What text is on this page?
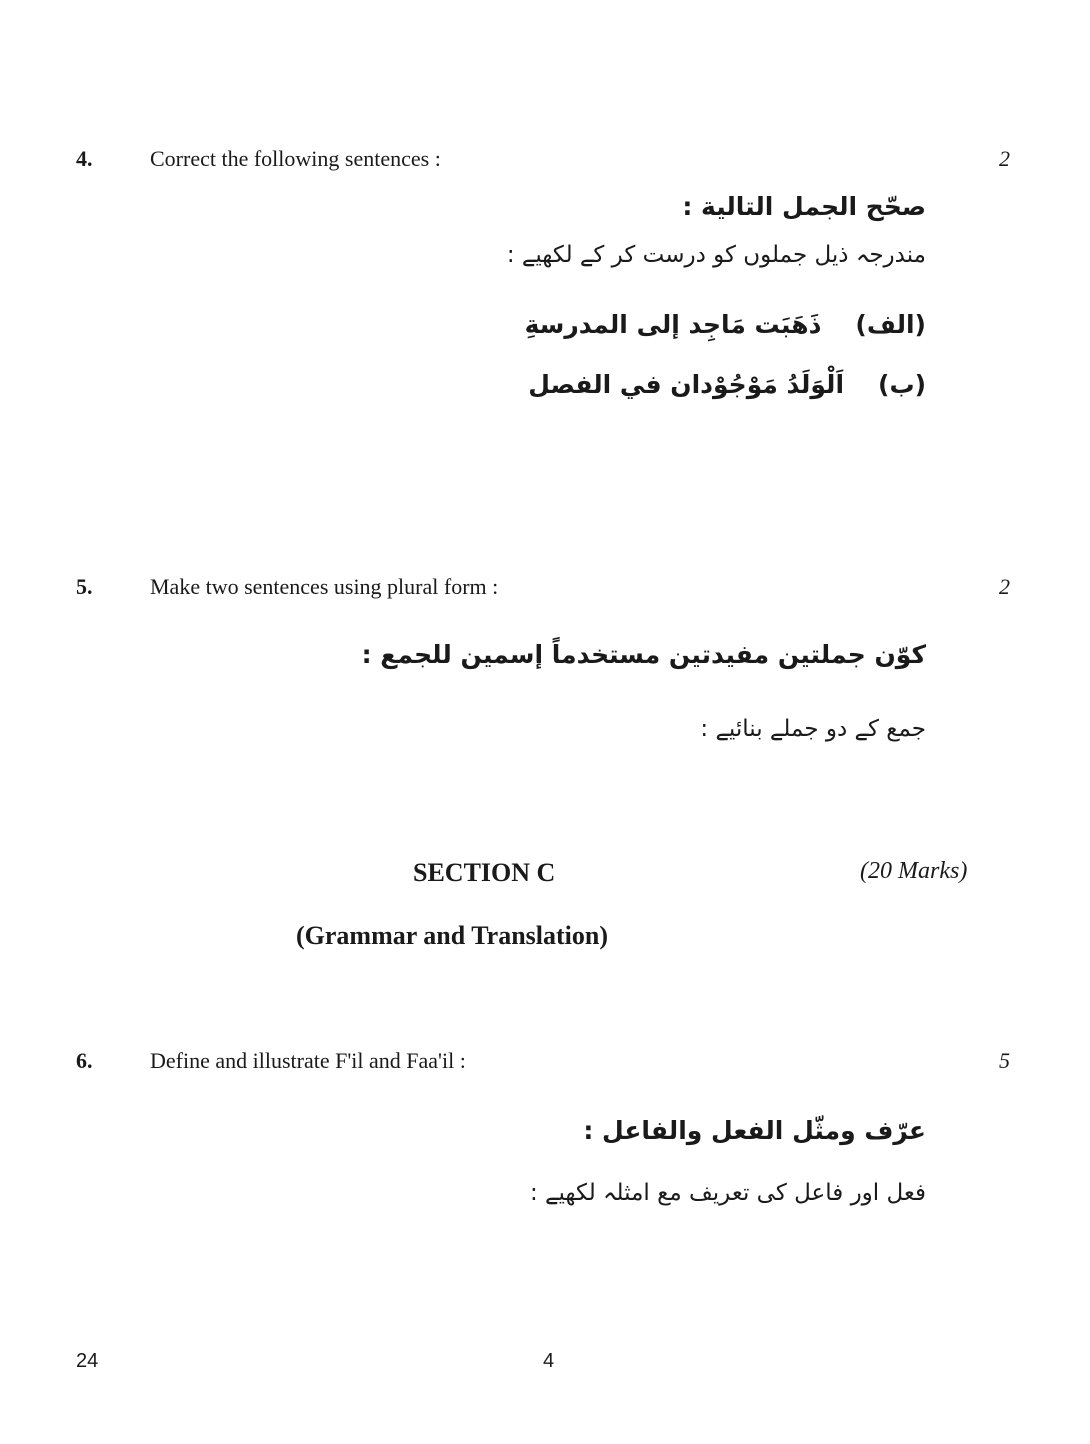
4.	Correct the following sentences :	2
صحّح الجمل التالية :
مندرجہ ذیل جملوں کو درست کر کے لکھیے :
(الف)
ذَهَبَت مَاجِد إلى المدرسةِ
(ب)
اَلْوَلَدُ مَوْجُوْدان في الفصل
5.	Make two sentences using plural form :	2
كوّن جملتين مفيدتين مستخدماً إسمين للجمع :
جمع کے دو جملے بنائیے :
SECTION C	(20 Marks)
(Grammar and Translation)
6.	Define and illustrate F'il and Faa'il :	5
عرّف ومثّل الفعل والفاعل :
فعل اور فاعل کی تعریف مع امثلہ لکھیے :
24	4
